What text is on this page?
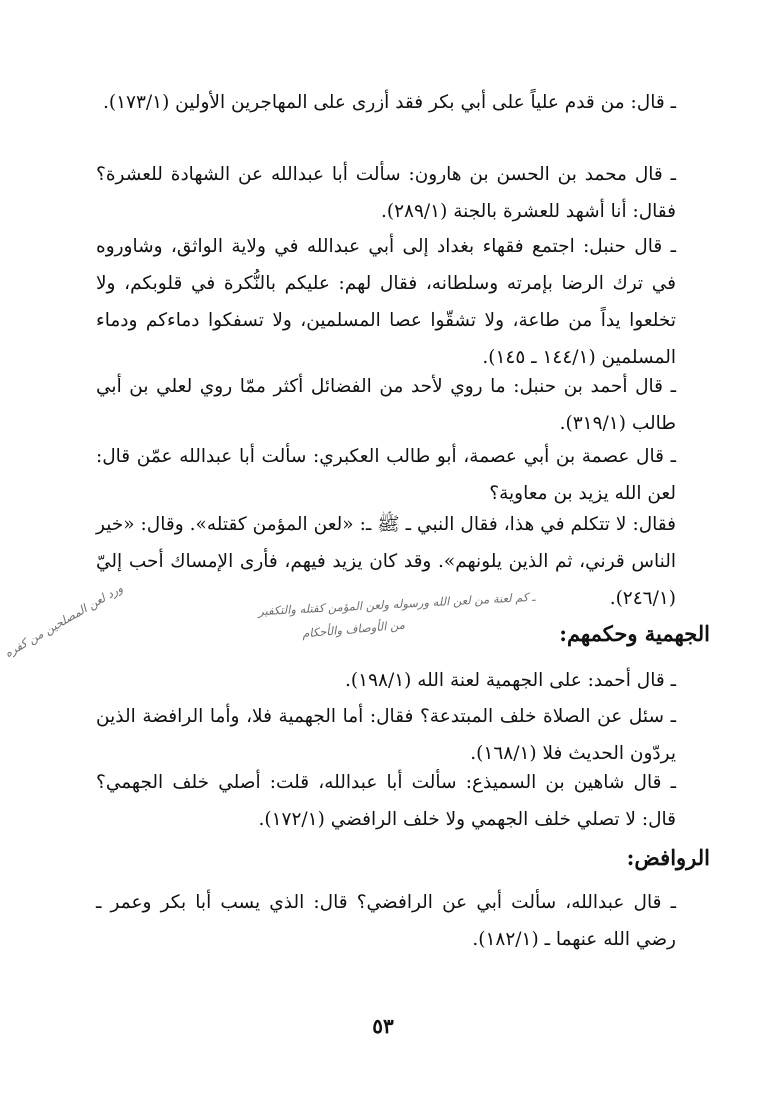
ـ قال: من قدم علياً على أبي بكر فقد أزرى على المهاجرين الأولين (١٧٣/١).
ـ قال محمد بن الحسن بن هارون: سألت أبا عبدالله عن الشهادة للعشرة؟ فقال: أنا أشهد للعشرة بالجنة (٢٨٩/١).
ـ قال حنبل: اجتمع فقهاء بغداد إلى أبي عبدالله في ولاية الواثق، وشاوروه في ترك الرضا بإمرته وسلطانه، فقال لهم: عليكم بالنُّكرة في قلوبكم، ولا تخلعوا يداً من طاعة، ولا تشقّوا عصا المسلمين، ولا تسفكوا دماءكم ودماء المسلمين (١٤٤/١ ـ ١٤٥).
ـ قال أحمد بن حنبل: ما روي لأحد من الفضائل أكثر ممّا روي لعلي بن أبي طالب (٣١٩/١).
ـ قال عصمة بن أبي عصمة، أبو طالب العكبري: سألت أبا عبدالله عمّن قال: لعن الله يزيد بن معاوية؟
فقال: لا تتكلم في هذا، فقال النبي ـ ﷺ ـ: «لعن المؤمن كقتله». وقال: «خير الناس قرني، ثم الذين يلونهم». وقد كان يزيد فيهم، فأرى الإمساك أحب إليّ (٢٤٦/١).
ـ كم لعنة من لعن الله ورسوله ولعن المؤمن كقتله والتكفير
من الأوصاف والأحكام
ورد لعن المصلحين من كفره	الجهمية وحكمهم:
ـ قال أحمد: على الجهمية لعنة الله (١٩٨/١).
ـ سئل عن الصلاة خلف المبتدعة؟ فقال: أما الجهمية فلا، وأما الرافضة الذين يردّون الحديث فلا (١٦٨/١).
ـ قال شاهين بن السميذع: سألت أبا عبدالله، قلت: أصلي خلف الجهمي؟ قال: لا تصلي خلف الجهمي ولا خلف الرافضي (١٧٢/١).
الروافض:
ـ قال عبدالله، سألت أبي عن الرافضي؟ قال: الذي يسب أبا بكر وعمر ـ رضي الله عنهما ـ (١٨٢/١).
٥٣
